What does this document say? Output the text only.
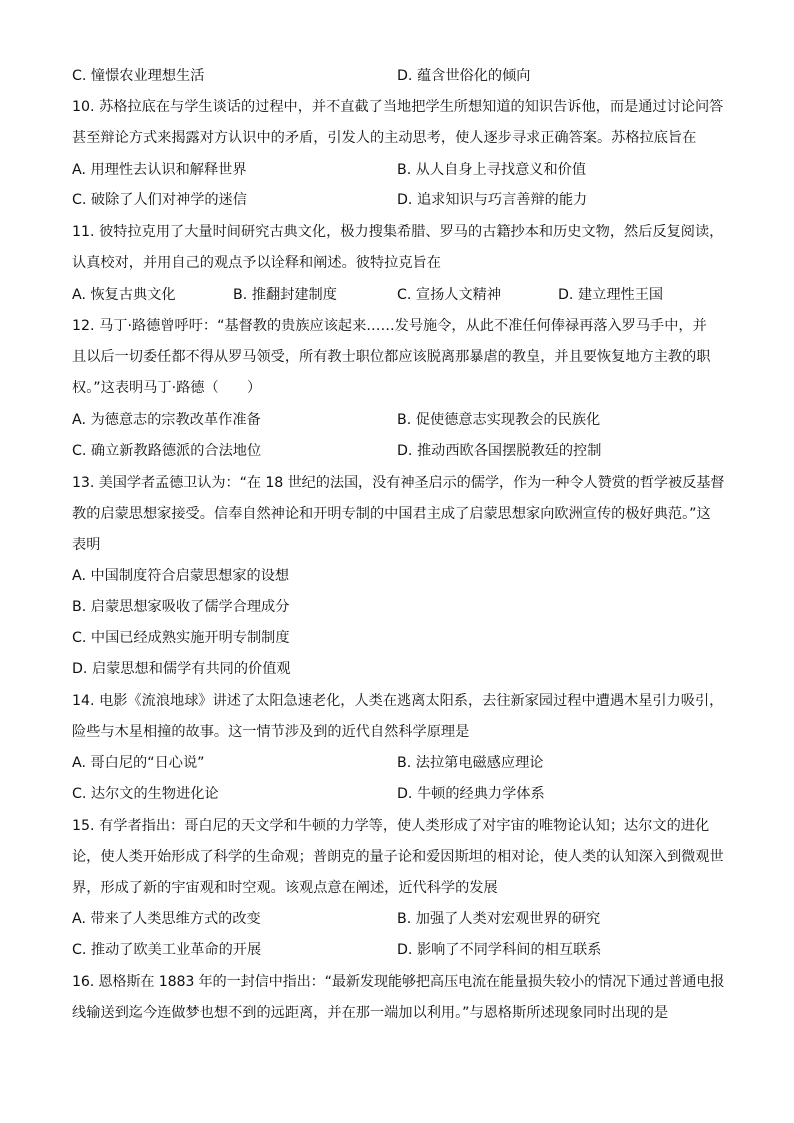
C. 憧憬农业理想生活	D. 蕴含世俗化的倾向
10. 苏格拉底在与学生谈话的过程中，并不直截了当地把学生所想知道的知识告诉他，而是通过讨论问答
甚至辩论方式来揭露对方认识中的矛盾，引发人的主动思考，使人逐步寻求正确答案。苏格拉底旨在
A. 用理性去认识和解释世界	B. 从人自身上寻找意义和价值
C. 破除了人们对神学的迷信	D. 追求知识与巧言善辩的能力
11. 彼特拉克用了大量时间研究古典文化，极力搜集希腊、罗马的古籍抄本和历史文物，然后反复阅读，
认真校对，并用自己的观点予以诠释和阐述。彼特拉克旨在
A. 恢复古典文化	B. 推翻封建制度	C. 宣扬人文精神	D. 建立理性王国
12. 马丁·路德曾呼吁：“基督教的贵族应该起来……发号施令，从此不准任何俸禄再落入罗马手中，并
且以后一切委任都不得从罗马领受，所有教士职位都应该脱离那暴虐的教皇，并且要恢复地方主教的职
权。”这表明马丁·路德（　　）
A. 为德意志的宗教改革作准备	B. 促使德意志实现教会的民族化
C. 确立新教路德派的合法地位	D. 推动西欧各国摆脱教廷的控制
13. 美国学者孟德卫认为：“在 18 世纪的法国，没有神圣启示的儒学，作为一种令人赞赏的哲学被反基督
教的启蒙思想家接受。信奉自然神论和开明专制的中国君主成了启蒙思想家向欧洲宣传的极好典范。”这
表明
A. 中国制度符合启蒙思想家的设想
B. 启蒙思想家吸收了儒学合理成分
C. 中国已经成熟实施开明专制制度
D. 启蒙思想和儒学有共同的价值观
14. 电影《流浪地球》讲述了太阳急速老化，人类在逃离太阳系，去往新家园过程中遭遇木星引力吸引，
险些与木星相撞的故事。这一情节涉及到的近代自然科学原理是
A. 哥白尼的“日心说”	B. 法拉第电磁感应理论
C. 达尔文的生物进化论	D. 牛顿的经典力学体系
15. 有学者指出：哥白尼的天文学和牛顿的力学等，使人类形成了对宇宙的唯物论认知；达尔文的进化
论，使人类开始形成了科学的生命观；普朗克的量子论和爱因斯坦的相对论，使人类的认知深入到微观世
界，形成了新的宇宙观和时空观。该观点意在阐述，近代科学的发展
A. 带来了人类思维方式的改变	B. 加强了人类对宏观世界的研究
C. 推动了欧美工业革命的开展	D. 影响了不同学科间的相互联系
16. 恩格斯在 1883 年的一封信中指出：“最新发现能够把高压电流在能量损失较小的情况下通过普通电报
线输送到迄今连做梦也想不到的远距离，并在那一端加以利用。”与恩格斯所述现象同时出现的是
